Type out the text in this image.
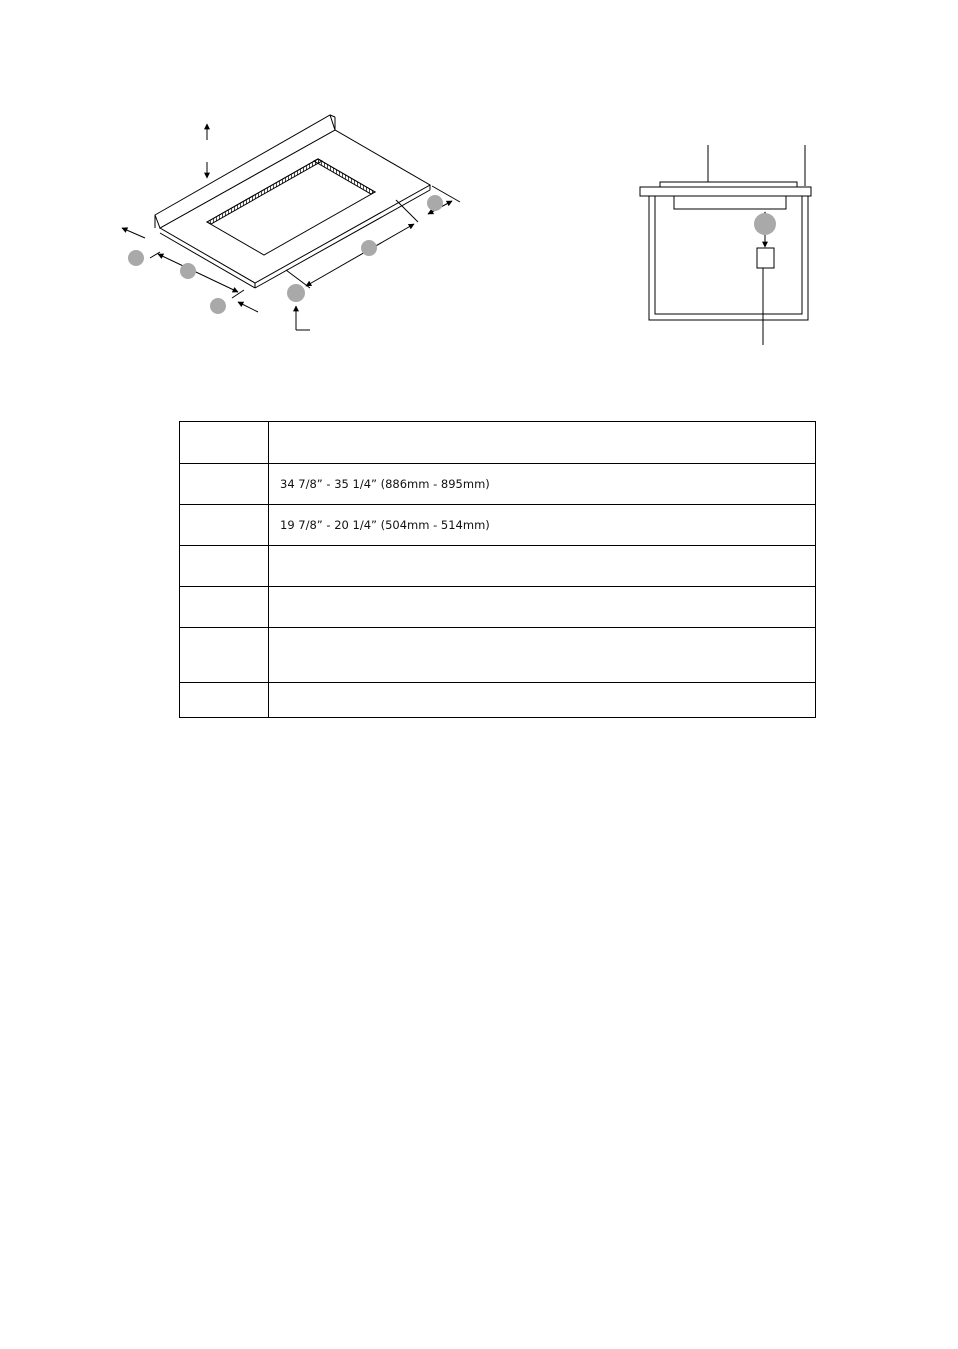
	34 7/8” - 35 1/4” (886mm - 895mm)
	19 7/8” - 20 1/4” (504mm - 514mm)
